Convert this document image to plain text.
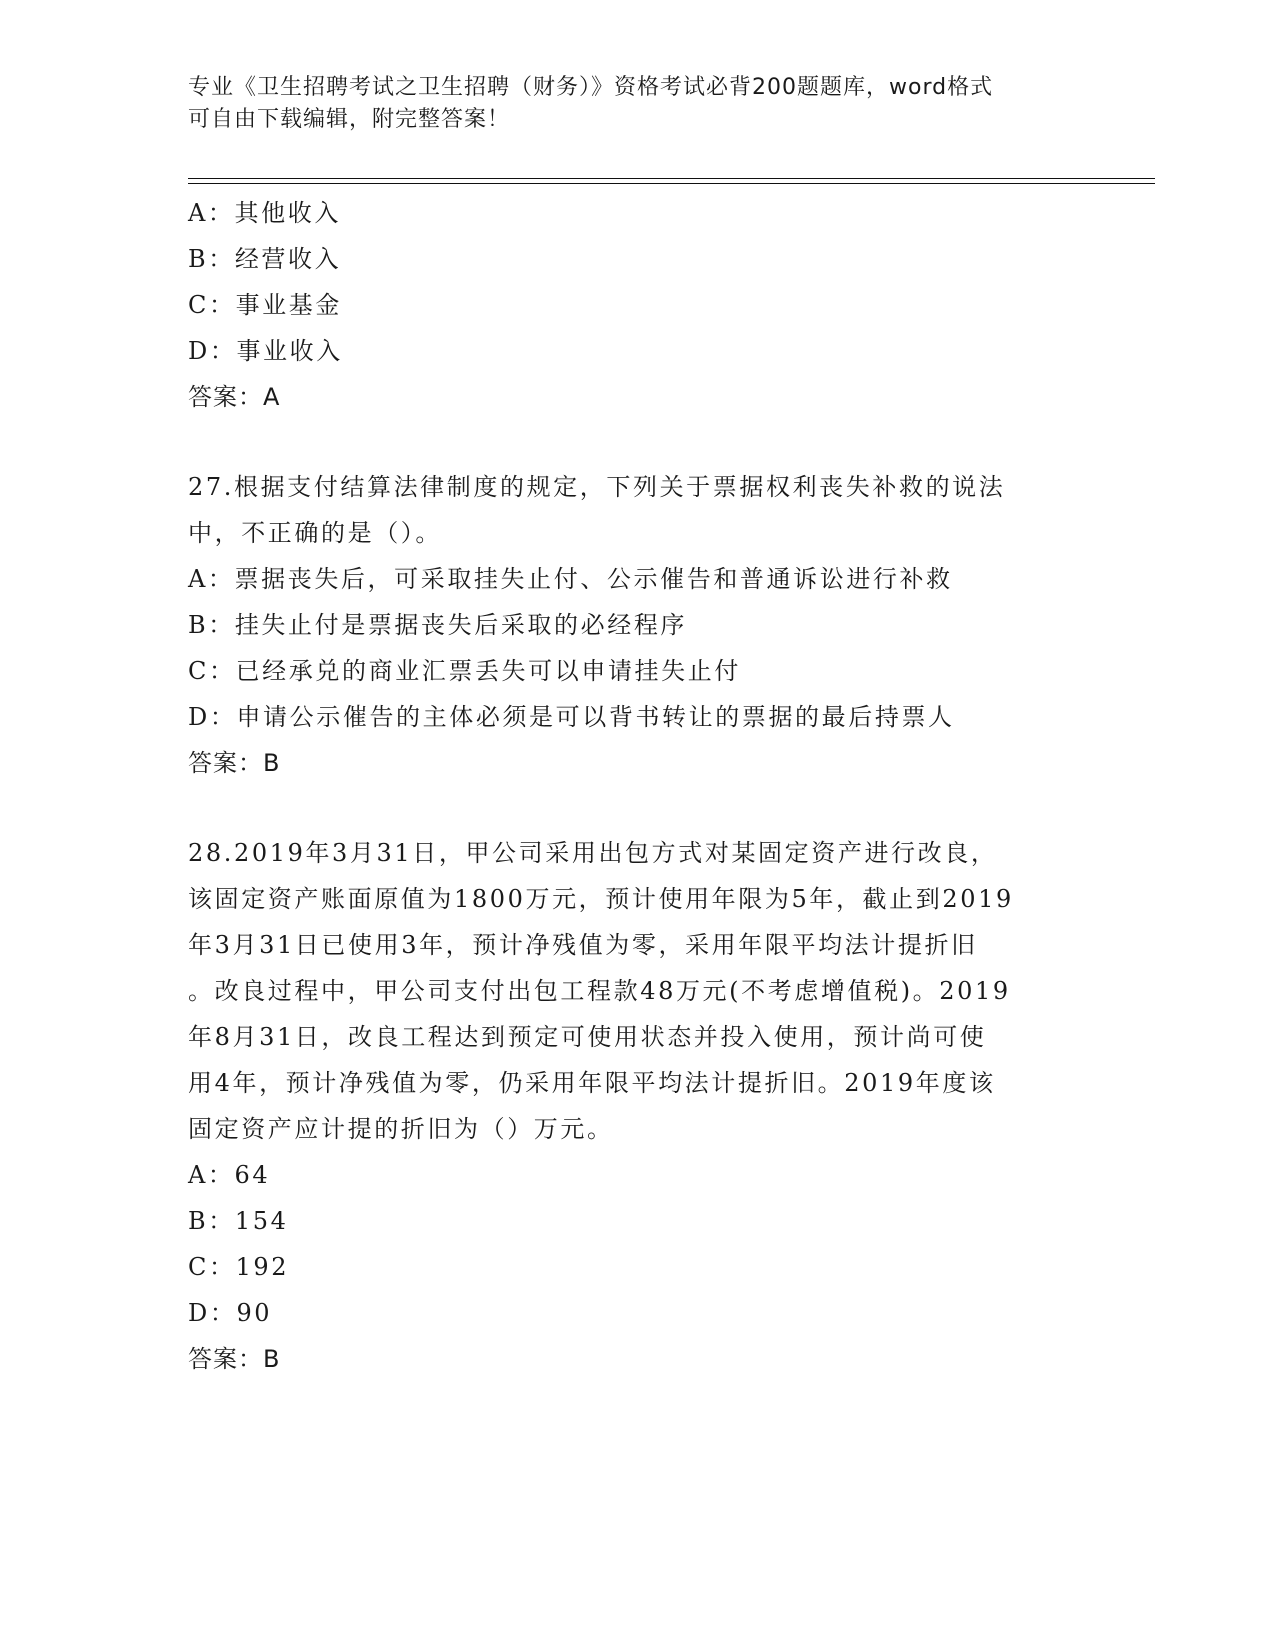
专业《卫生招聘考试之卫生招聘（财务）》资格考试必背200题题库，word格式
可自由下载编辑，附完整答案！
A：其他收入
B：经营收入
C：事业基金
D：事业收入
答案：A
27.根据支付结算法律制度的规定，下列关于票据权利丧失补救的说法
中，不正确的是（）。
A：票据丧失后，可采取挂失止付、公示催告和普通诉讼进行补救
B：挂失止付是票据丧失后采取的必经程序
C：已经承兑的商业汇票丢失可以申请挂失止付
D：申请公示催告的主体必须是可以背书转让的票据的最后持票人
答案：B
28.2019年3月31日，甲公司采用出包方式对某固定资产进行改良，
该固定资产账面原值为1800万元，预计使用年限为5年，截止到2019
年3月31日已使用3年，预计净残值为零，采用年限平均法计提折旧
。改良过程中，甲公司支付出包工程款48万元(不考虑增值税)。2019
年8月31日，改良工程达到预定可使用状态并投入使用，预计尚可使
用4年，预计净残值为零，仍采用年限平均法计提折旧。2019年度该
固定资产应计提的折旧为（）万元。
A：64
B：154
C：192
D：90
答案：B
